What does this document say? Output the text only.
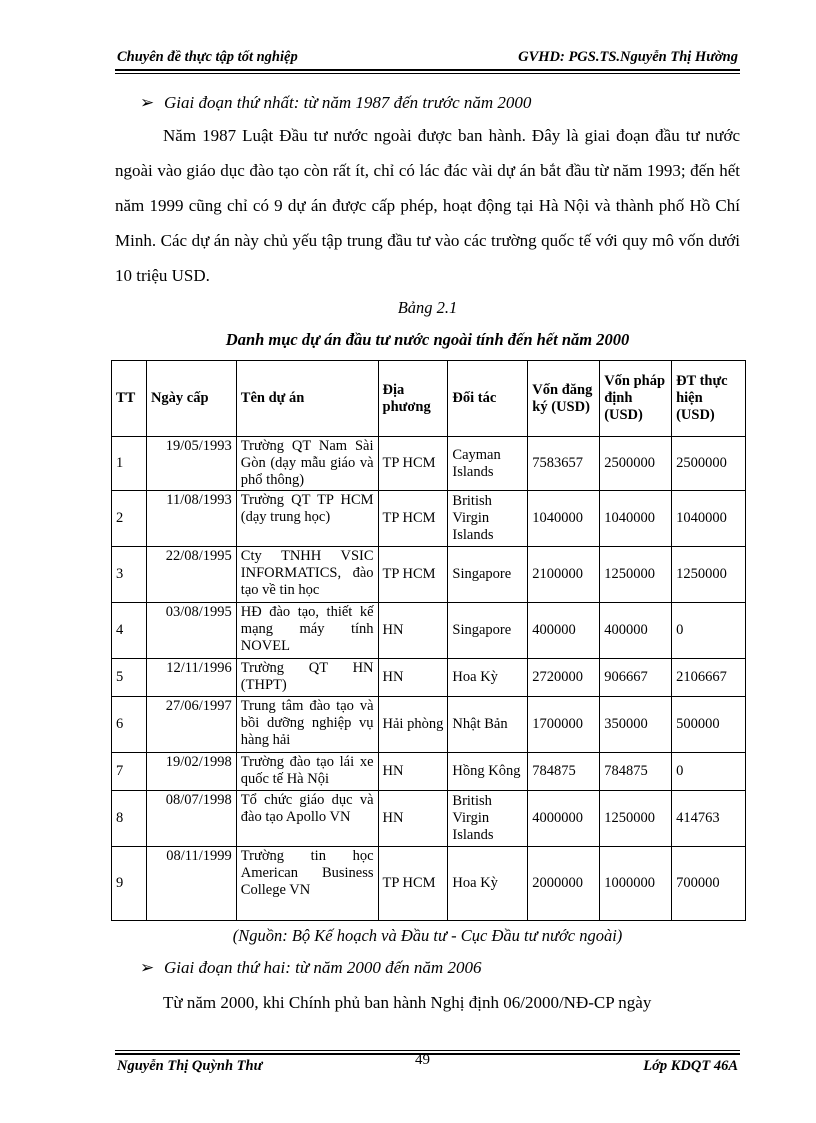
Chuyên đề thực tập tốt nghiệp	GVHD: PGS.TS.Nguyễn Thị Hường
➢ Giai đoạn thứ nhất: từ năm 1987 đến trước năm 2000
Năm 1987 Luật Đầu tư nước ngoài được ban hành. Đây là giai đoạn đầu tư nước ngoài vào giáo dục đào tạo còn rất ít, chỉ có lác đác vài dự án bắt đầu từ năm 1993; đến hết năm 1999 cũng chỉ có 9 dự án được cấp phép, hoạt động tại Hà Nội và thành phố Hồ Chí Minh. Các dự án này chủ yếu tập trung đầu tư vào các trường quốc tế với quy mô vốn dưới 10 triệu USD.
Bảng 2.1
Danh mục dự án đầu tư nước ngoài tính đến hết năm 2000
TT	Ngày cấp	Tên dự án	Địa phương	Đối tác	Vốn đăng ký (USD)	Vốn pháp định (USD)	ĐT thực hiện (USD)
1	19/05/1993	Trường QT Nam Sài Gòn (dạy mẫu giáo và phổ thông)	TP HCM	Cayman Islands	7583657	2500000	2500000
2	11/08/1993	Trường QT TP HCM (dạy trung học)	TP HCM	British Virgin Islands	1040000	1040000	1040000
3	22/08/1995	Cty TNHH VSIC INFORMATICS, đào tạo về tin học	TP HCM	Singapore	2100000	1250000	1250000
4	03/08/1995	HĐ đào tạo, thiết kế mạng máy tính NOVEL	HN	Singapore	400000	400000	0
5	12/11/1996	Trường QT HN (THPT)	HN	Hoa Kỳ	2720000	906667	2106667
6	27/06/1997	Trung tâm đào tạo và bồi dưỡng nghiệp vụ hàng hải	Hải phòng	Nhật Bản	1700000	350000	500000
7	19/02/1998	Trường đào tạo lái xe quốc tế Hà Nội	HN	Hồng Kông	784875	784875	0
8	08/07/1998	Tổ chức giáo dục và đào tạo Apollo VN	HN	British Virgin Islands	4000000	1250000	414763
9	08/11/1999	Trường tin học American Business College VN	TP HCM	Hoa Kỳ	2000000	1000000	700000
(Nguồn: Bộ Kế hoạch và Đầu tư - Cục Đầu tư nước ngoài)
➢ Giai đoạn thứ hai: từ năm 2000 đến năm 2006
Từ năm 2000, khi Chính phủ ban hành Nghị định 06/2000/NĐ-CP ngày
Nguyễn Thị Quỳnh Thư	49	Lớp KDQT 46A
